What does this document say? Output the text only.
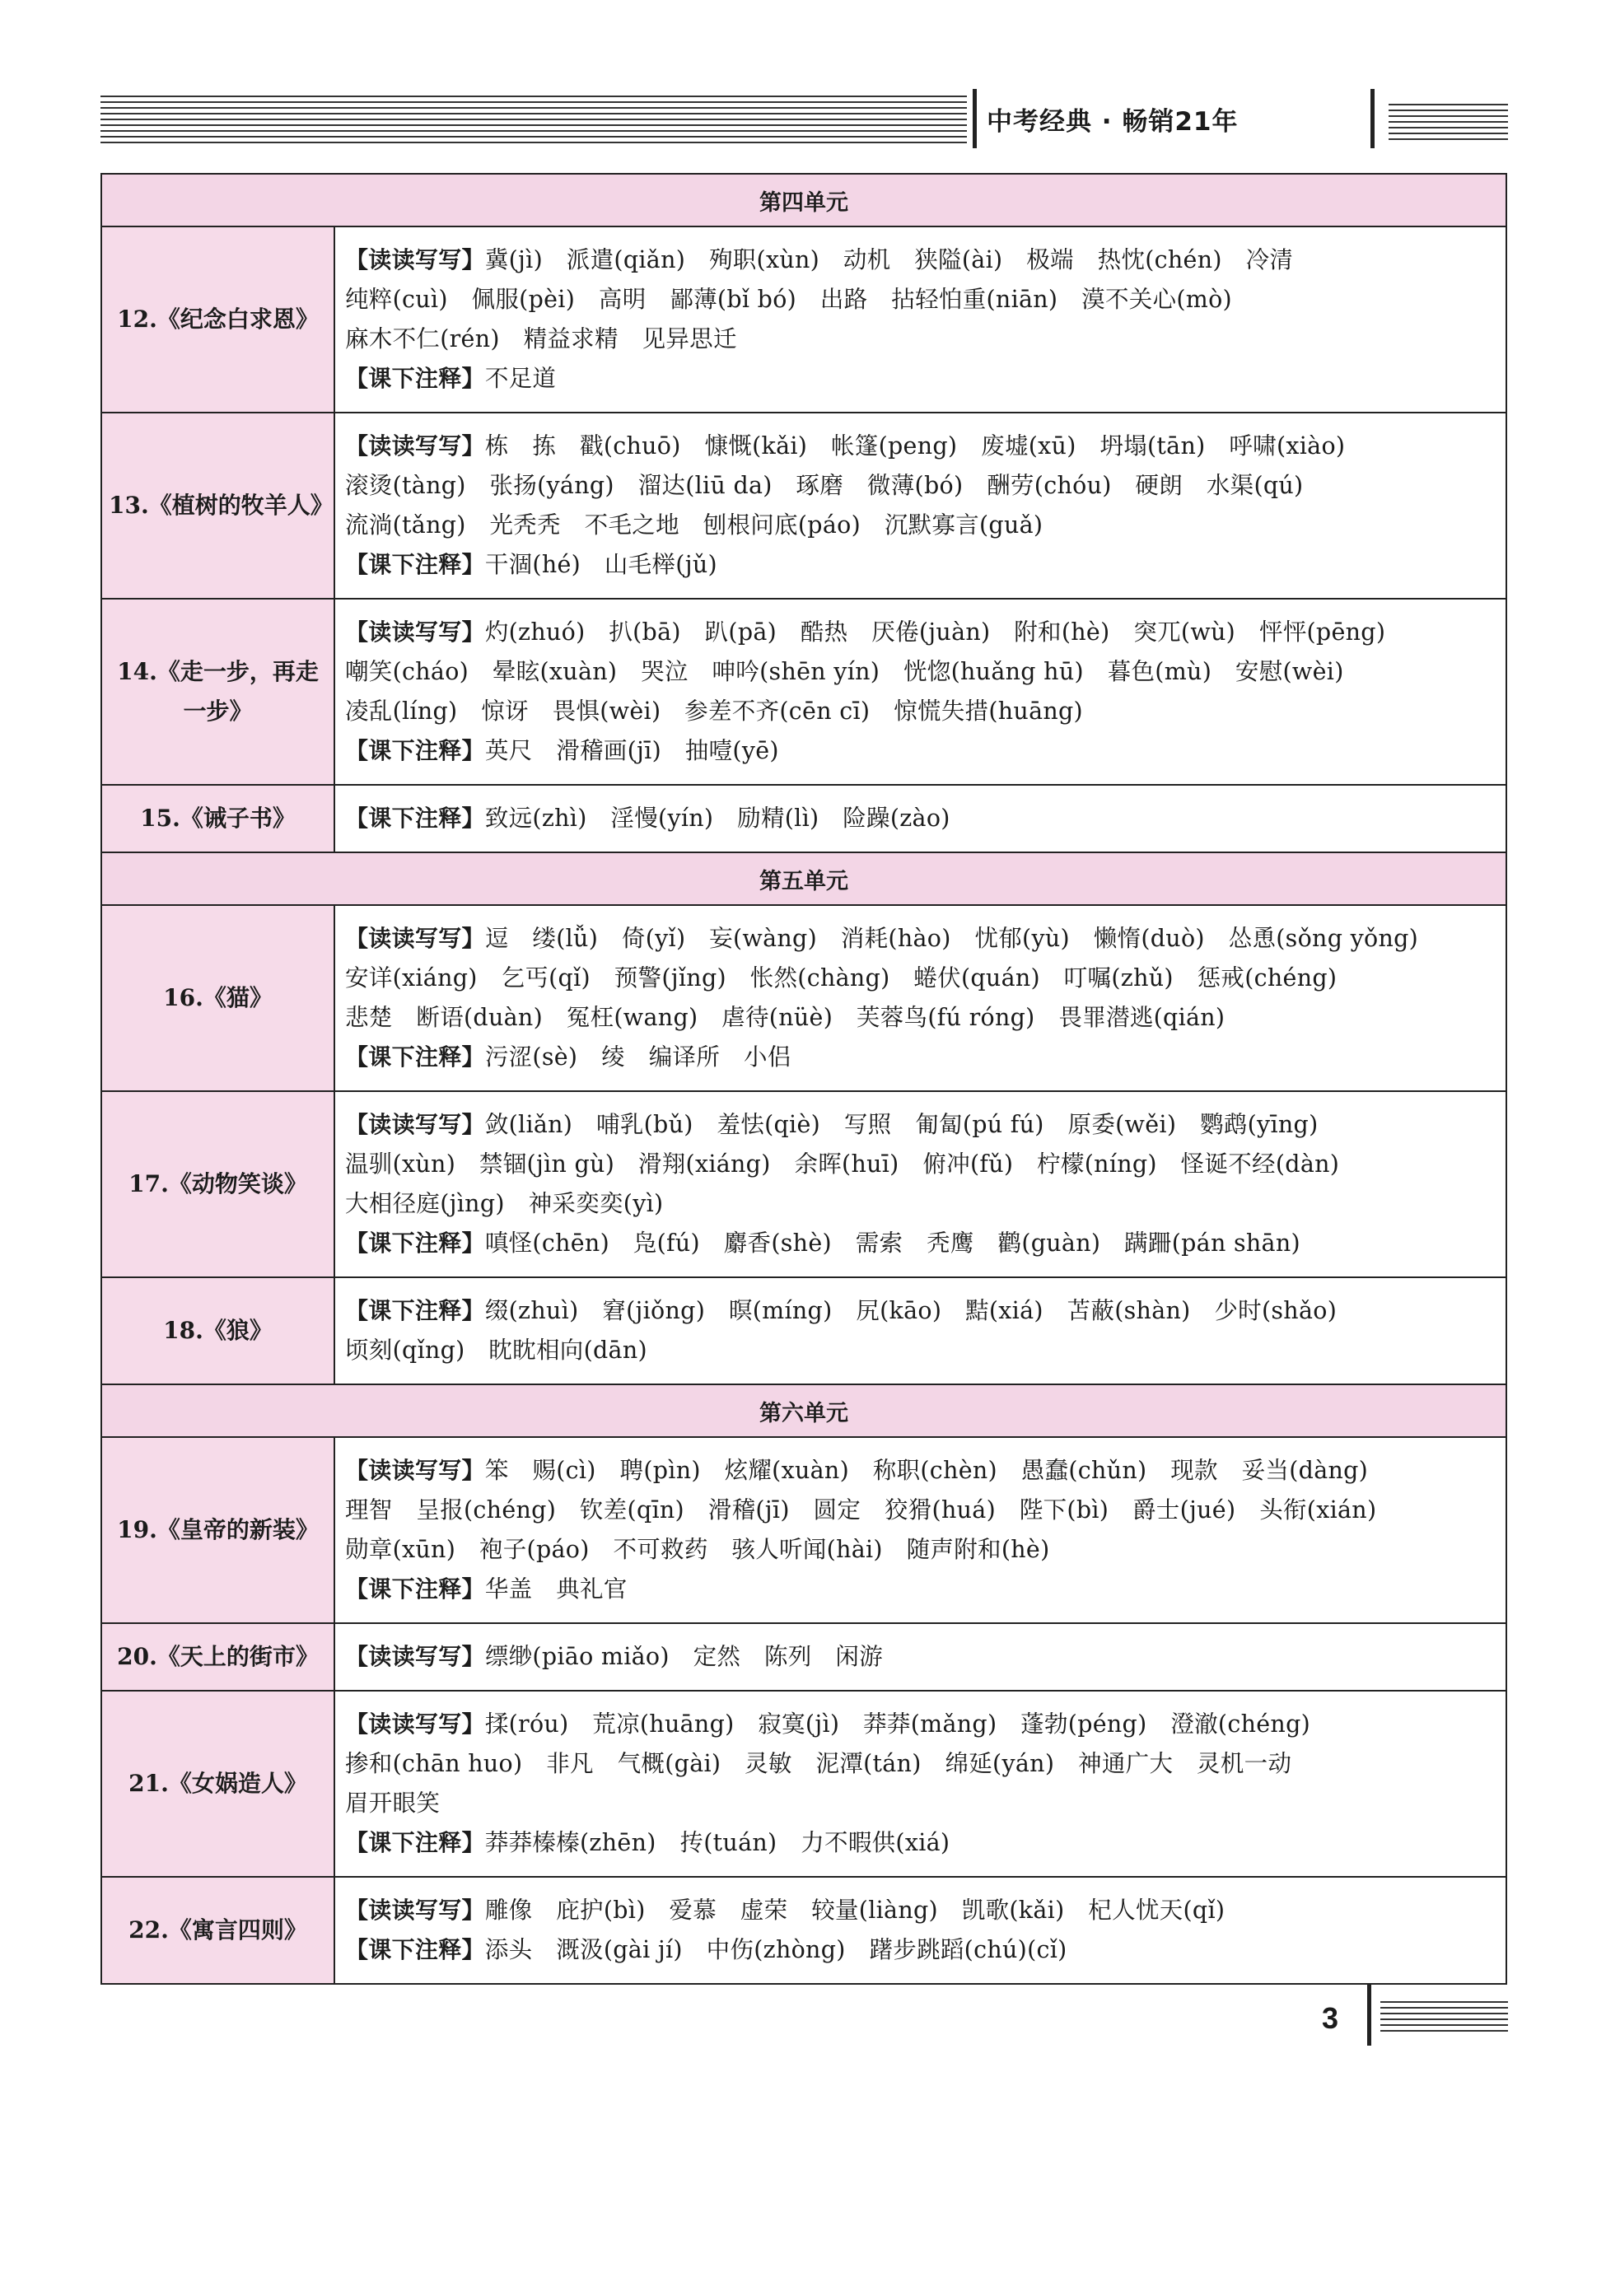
中考经典 · 畅销21年
第四单元	
12.《纪念白求恩》	【读读写写】冀(jì)　派遣(qiǎn)　殉职(xùn)　动机　狭隘(ài)　极端　热忱(chén)　冷清
纯粹(cuì)　佩服(pèi)　高明　鄙薄(bǐ bó)　出路　拈轻怕重(niān)　漠不关心(mò)
麻木不仁(rén)　精益求精　见异思迁
【课下注释】不足道

13.《植树的牧羊人》	【读读写写】栋　拣　戳(chuō)　慷慨(kǎi)　帐篷(peng)　废墟(xū)　坍塌(tān)　呼啸(xiào)
滚烫(tàng)　张扬(yáng)　溜达(liū da)　琢磨　微薄(bó)　酬劳(chóu)　硬朗　水渠(qú)
流淌(tǎng)　光秃秃　不毛之地　刨根问底(páo)　沉默寡言(guǎ)
【课下注释】干涸(hé)　山毛榉(jǔ)

14.《走一步，再走一步》	【读读写写】灼(zhuó)　扒(bā)　趴(pā)　酷热　厌倦(juàn)　附和(hè)　突兀(wù)　怦怦(pēng)
嘲笑(cháo)　晕眩(xuàn)　哭泣　呻吟(shēn yín)　恍惚(huǎng hū)　暮色(mù)　安慰(wèi)
凌乱(líng)　惊讶　畏惧(wèi)　参差不齐(cēn cī)　惊慌失措(huāng)
【课下注释】英尺　滑稽画(jī)　抽噎(yē)

15.《诫子书》	【课下注释】致远(zhì)　淫慢(yín)　励精(lì)　险躁(zào)

第五单元	
16.《猫》	【读读写写】逗　缕(lǚ)　倚(yǐ)　妄(wàng)　消耗(hào)　忧郁(yù)　懒惰(duò)　怂恿(sǒng yǒng)
安详(xiáng)　乞丐(qǐ)　预警(jǐng)　怅然(chàng)　蜷伏(quán)　叮嘱(zhǔ)　惩戒(chéng)
悲楚　断语(duàn)　冤枉(wang)　虐待(nüè)　芙蓉鸟(fú róng)　畏罪潜逃(qián)
【课下注释】污涩(sè)　绫　编译所　小侣

17.《动物笑谈》	【读读写写】敛(liǎn)　哺乳(bǔ)　羞怯(qiè)　写照　匍匐(pú fú)　原委(wěi)　鹦鹉(yīng)
温驯(xùn)　禁锢(jìn gù)　滑翔(xiáng)　余晖(huī)　俯冲(fǔ)　柠檬(níng)　怪诞不经(dàn)
大相径庭(jìng)　神采奕奕(yì)
【课下注释】嗔怪(chēn)　凫(fú)　麝香(shè)　需索　秃鹰　鹳(guàn)　蹒跚(pán shān)

18.《狼》	【课下注释】缀(zhuì)　窘(jiǒng)　暝(míng)　尻(kāo)　黠(xiá)　苫蔽(shàn)　少时(shǎo)
顷刻(qǐng)　眈眈相向(dān)

第六单元	
19.《皇帝的新装》	【读读写写】笨　赐(cì)　聘(pìn)　炫耀(xuàn)　称职(chèn)　愚蠢(chǔn)　现款　妥当(dàng)
理智　呈报(chéng)　钦差(qīn)　滑稽(jī)　圆定　狡猾(huá)　陛下(bì)　爵士(jué)　头衔(xián)
勋章(xūn)　袍子(páo)　不可救药　骇人听闻(hài)　随声附和(hè)
【课下注释】华盖　典礼官

20.《天上的街市》	【读读写写】缥缈(piāo miǎo)　定然　陈列　闲游

21.《女娲造人》	【读读写写】揉(róu)　荒凉(huāng)　寂寞(jì)　莽莽(mǎng)　蓬勃(péng)　澄澈(chéng)
掺和(chān huo)　非凡　气概(gài)　灵敏　泥潭(tán)　绵延(yán)　神通广大　灵机一动
眉开眼笑
【课下注释】莽莽榛榛(zhēn)　抟(tuán)　力不暇供(xiá)

22.《寓言四则》	【读读写写】雕像　庇护(bì)　爱慕　虚荣　较量(liàng)　凯歌(kǎi)　杞人忧天(qǐ)
【课下注释】添头　溉汲(gài jí)　中伤(zhòng)　躇步跳蹈(chú)(cǐ)
3
